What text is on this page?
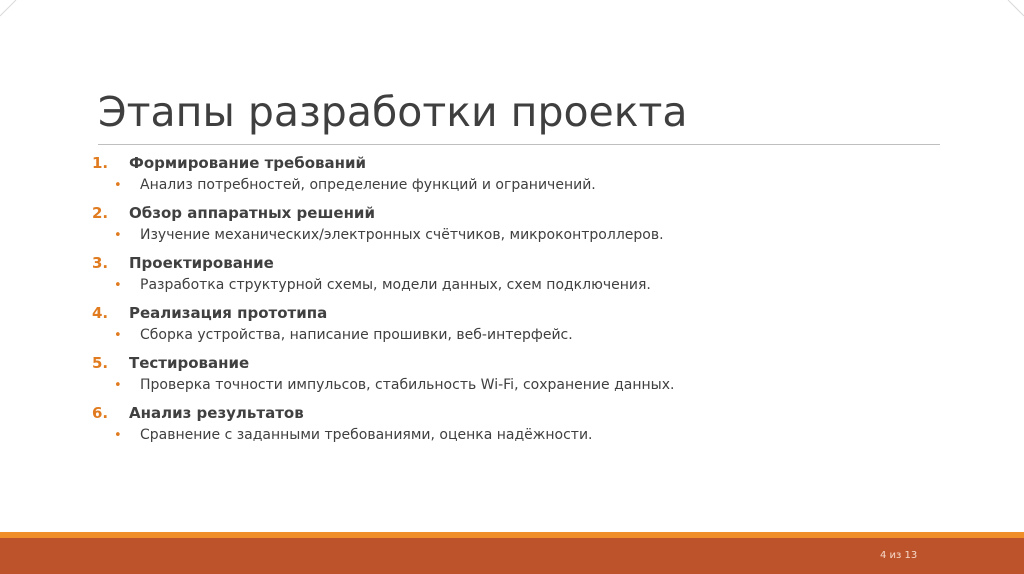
Этапы разработки проекта
1.	Формирование требований
•	Анализ потребностей, определение функций и ограничений.
2.	Обзор аппаратных решений
•	Изучение механических/электронных счётчиков, микроконтроллеров.
3.	Проектирование
•	Разработка структурной схемы, модели данных, схем подключения.
4.	Реализация прототипа
•	Сборка устройства, написание прошивки, веб-интерфейс.
5.	Тестирование
•	Проверка точности импульсов, стабильность Wi-Fi, сохранение данных.
6.	Анализ результатов
•	Сравнение с заданными требованиями, оценка надёжности.
4 из 13
